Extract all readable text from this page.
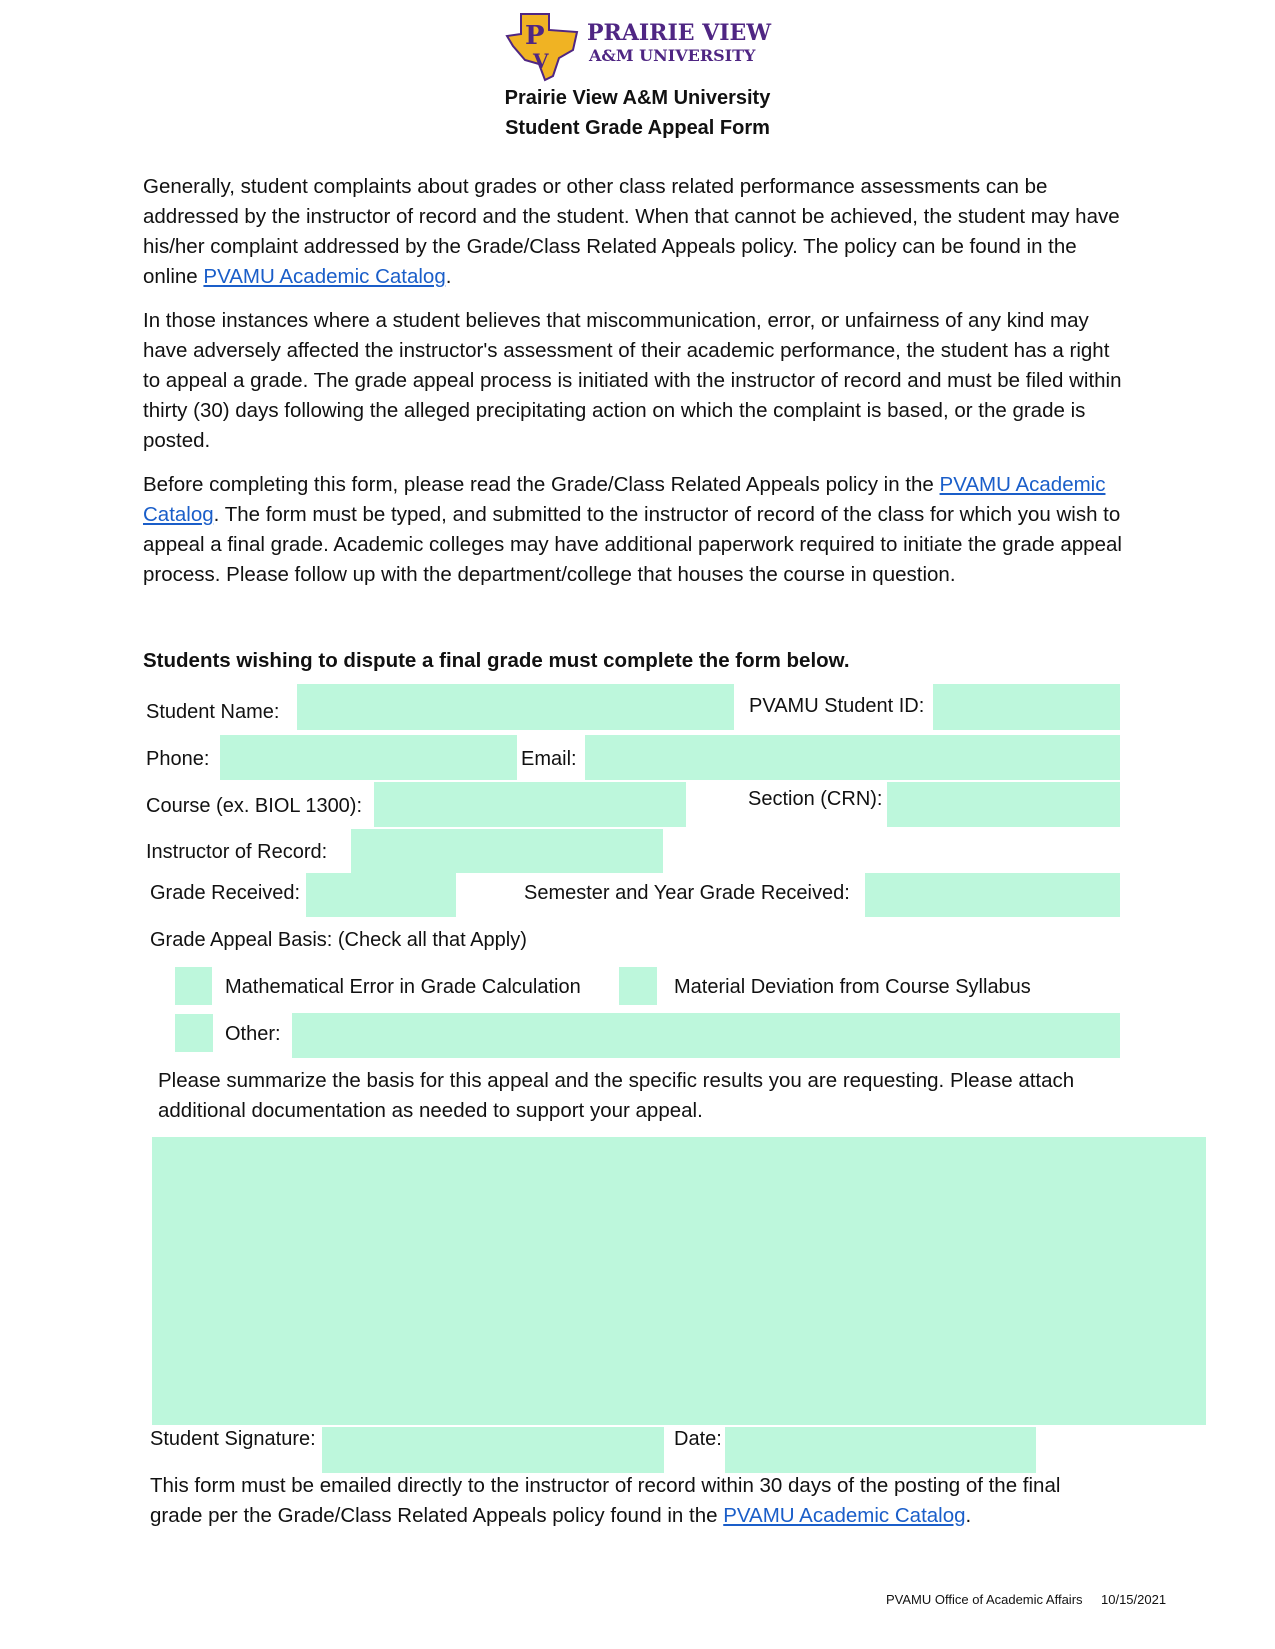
P
V
PRAIRIE VIEW
A&M UNIVERSITY
Prairie View A&M University
Student Grade Appeal Form
Generally, student complaints about grades or other class related performance assessments can be addressed by the instructor of record and the student. When that cannot be achieved, the student may have his/her complaint addressed by the Grade/Class Related Appeals policy. The policy can be found in the online PVAMU Academic Catalog.
In those instances where a student believes that miscommunication, error, or unfairness of any kind may have adversely affected the instructor's assessment of their academic performance, the student has a right to appeal a grade. The grade appeal process is initiated with the instructor of record and must be filed within thirty (30) days following the alleged precipitating action on which the complaint is based, or the grade is posted.
Before completing this form, please read the Grade/Class Related Appeals policy in the PVAMU Academic Catalog. The form must be typed, and submitted to the instructor of record of the class for which you wish to appeal a final grade. Academic colleges may have additional paperwork required to initiate the grade appeal process. Please follow up with the department/college that houses the course in question.
Students wishing to dispute a final grade must complete the form below.
Student Name:	PVAMU Student ID:
Phone:	Email:
Course (ex. BIOL 1300):	Section (CRN):
Instructor of Record:
Grade Received:	Semester and Year Grade Received:
Grade Appeal Basis: (Check all that Apply)
Mathematical Error in Grade Calculation	Material Deviation from Course Syllabus
Other:
Please summarize the basis for this appeal and the specific results you are requesting. Please attach additional documentation as needed to support your appeal.
Student Signature:	Date:
This form must be emailed directly to the instructor of record within 30 days of the posting of the final grade per the Grade/Class Related Appeals policy found in the PVAMU Academic Catalog.
PVAMU Office of Academic Affairs 10/15/2021
